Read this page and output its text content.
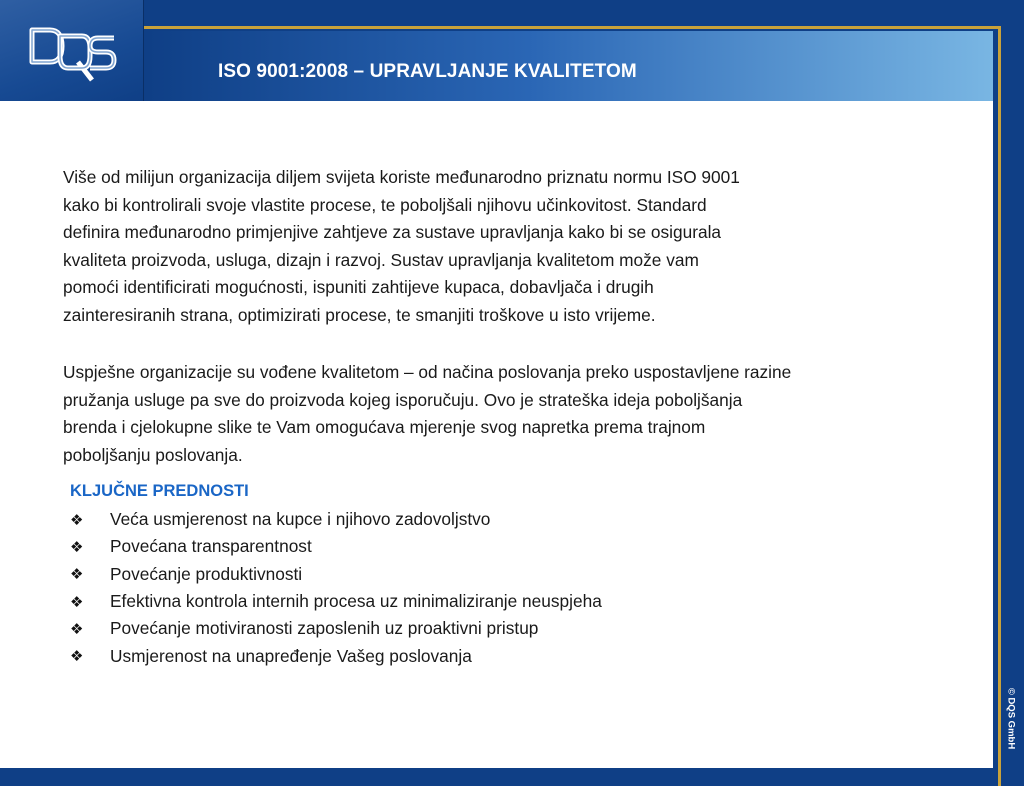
ISO 9001:2008 – UPRAVLJANJE KVALITETOM

Više od milijun organizacija diljem svijeta koriste međunarodno priznatu normu ISO 9001
kako bi kontrolirali svoje vlastite procese, te poboljšali njihovu učinkovitost. Standard
definira međunarodno primjenjive zahtjeve za sustave upravljanja kako bi se osigurala
kvaliteta proizvoda, usluga, dizajn i razvoj. Sustav upravljanja kvalitetom može vam
pomoći identificirati mogućnosti, ispuniti zahtijeve kupaca, dobavljača i drugih
zainteresiranih strana, optimizirati procese, te smanjiti troškove u isto vrijeme.

Uspješne organizacije su vođene kvalitetom – od načina poslovanja preko uspostavljene razine
pružanja usluge pa sve do proizvoda kojeg isporučuju. Ovo je strateška ideja poboljšanja
brenda i cjelokupne slike te Vam omogućava mjerenje svog napretka prema trajnom
poboljšanju poslovanja.

KLJUČNE PREDNOSTI
❖	Veća usmjerenost na kupce i njihovo zadovoljstvo
❖	Povećana transparentnost
❖	Povećanje produktivnosti
❖	Efektivna kontrola internih procesa uz minimaliziranje neuspjeha
❖	Povećanje motiviranosti zaposlenih uz proaktivni pristup
❖	Usmjerenost na unapređenje Vašeg poslovanja
© DQS GmbH
